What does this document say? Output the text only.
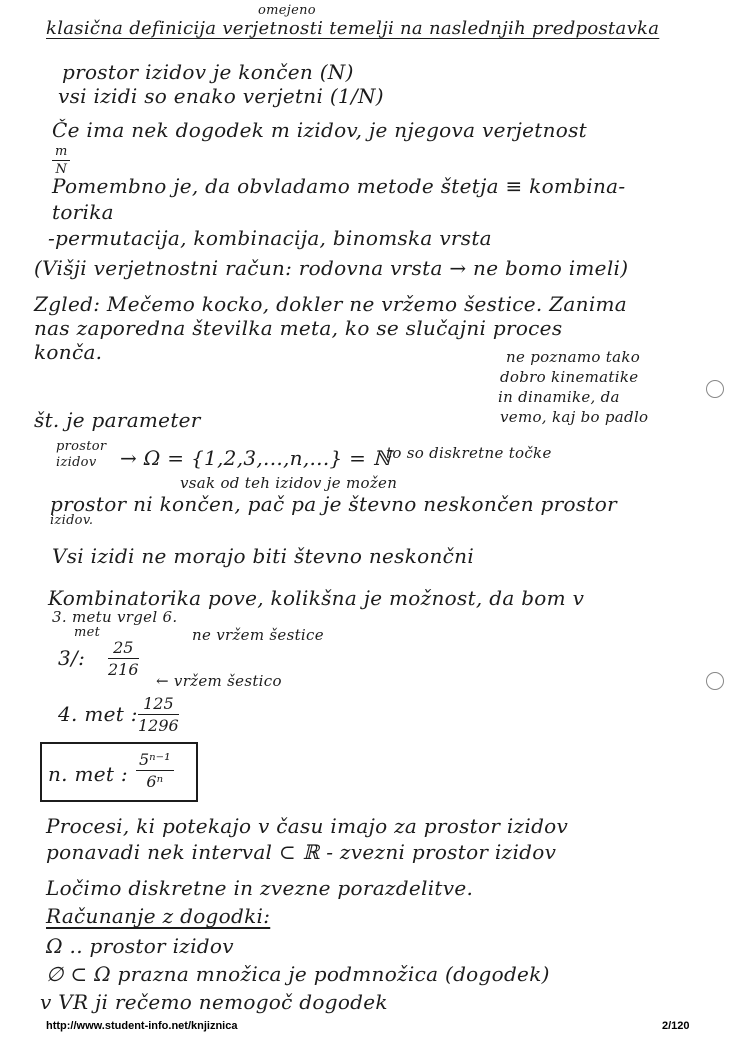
omejeno
klasična definicija verjetnosti temelji na naslednjih predpostavka
prostor izidov je končen (N)
vsi izidi so enako verjetni (1/N)
Če ima nek dogodek m izidov, je njegova verjetnost
$\frac{m}{N}$
Pomembno je, da obvladamo metode štetja ≡ kombina-
torika
-permutacija, kombinacija, binomska vrsta
(Višji verjetnostni račun: rodovna vrsta → ne bomo imeli)
Zgled: Mečemo kocko, dokler ne vržemo šestice. Zanima
nas zaporedna številka meta, ko se slučajni proces
konča.	ne poznamo tako
dobro kinematike
in dinamike, da
vemo, kaj bo padlo
št. je parameter
prostor
izidov → Ω = {1,2,3,...,n,...} = ℕ
to so diskretne točke
vsak od teh izidov je možen
prostor ni končen, pač pa je števno neskončen prostor
izidov.
Vsi izidi ne morajo biti števno neskončni
Kombinatorika pove, kolikšna je možnost, da bom v
3. metu vrgel 6.
met
3/: $\frac{25}{216}$
ne vržem šestice
← vržem šestico
4. met : $\frac{125}{1296}$
n. met : $\frac{\text{5ⁿ⁻¹}}{\text{6ⁿ}}$
Procesi, ki potekajo v času imajo za prostor izidov
ponavadi nek interval ⊂ ℝ - zvezni prostor izidov
Ločimo diskretne in zvezne porazdelitve.
Računanje z dogodki:
Ω .. prostor izidov
∅ ⊂ Ω prazna množica je podmnožica (dogodek)
v VR ji rečemo nemogoč dogodek
http://www.student-info.net/knjiznica	2/120
